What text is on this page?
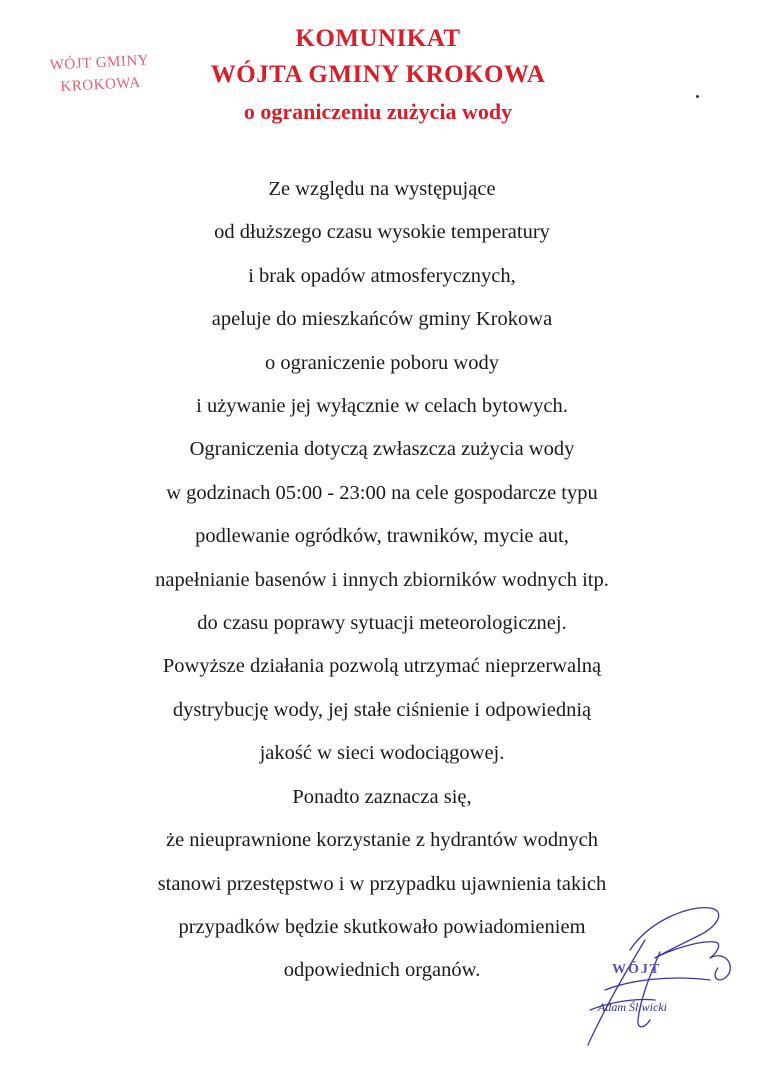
WÓJT GMINY
KROKOWA
KOMUNIKAT
WÓJTA GMINY KROKOWA
o ograniczeniu zużycia wody
Ze względu na występujące
od dłuższego czasu wysokie temperatury
i brak opadów atmosferycznych,
apeluje do mieszkańców gminy Krokowa
o ograniczenie poboru wody
i używanie jej wyłącznie w celach bytowych.
Ograniczenia dotyczą zwłaszcza zużycia wody
w godzinach 05:00 - 23:00 na cele gospodarcze typu
podlewanie ogródków, trawników, mycie aut,
napełnianie basenów i innych zbiorników wodnych itp.
do czasu poprawy sytuacji meteorologicznej.
Powyższe działania pozwolą utrzymać nieprzerwalną
dystrybucję wody, jej stałe ciśnienie i odpowiednią
jakość w sieci wodociągowej.
Ponadto zaznacza się,
że nieuprawnione korzystanie z hydrantów wodnych
stanowi przestępstwo i w przypadku ujawnienia takich
przypadków będzie skutkowało powiadomieniem
odpowiednich organów.	WÓJT
Adam Śliwicki
